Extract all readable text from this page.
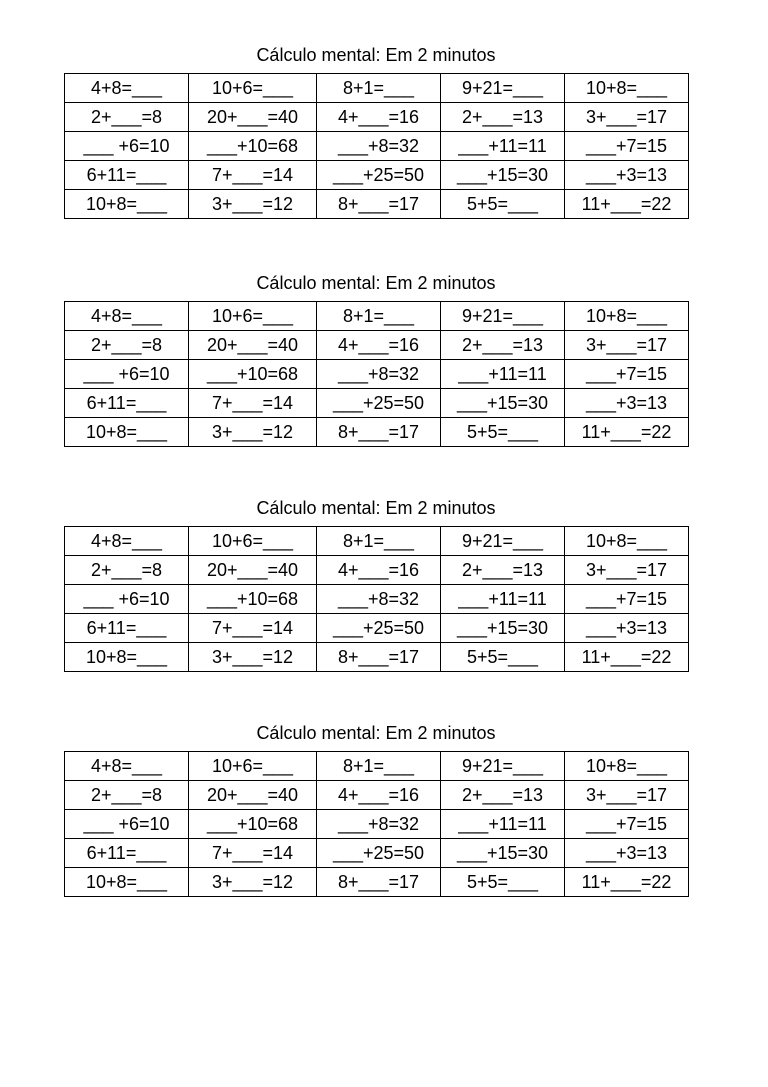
Cálculo mental: Em 2 minutos
4+8=___	10+6=___	8+1=___	9+21=___	10+8=___
2+___=8	20+___=40	4+___=16	2+___=13	3+___=17
___ +6=10	___+10=68	___+8=32	___+11=11	___+7=15
6+11=___	7+___=14	___+25=50	___+15=30	___+3=13
10+8=___	3+___=12	8+___=17	5+5=___	11+___=22
Cálculo mental: Em 2 minutos
4+8=___	10+6=___	8+1=___	9+21=___	10+8=___
2+___=8	20+___=40	4+___=16	2+___=13	3+___=17
___ +6=10	___+10=68	___+8=32	___+11=11	___+7=15
6+11=___	7+___=14	___+25=50	___+15=30	___+3=13
10+8=___	3+___=12	8+___=17	5+5=___	11+___=22
Cálculo mental: Em 2 minutos
4+8=___	10+6=___	8+1=___	9+21=___	10+8=___
2+___=8	20+___=40	4+___=16	2+___=13	3+___=17
___ +6=10	___+10=68	___+8=32	___+11=11	___+7=15
6+11=___	7+___=14	___+25=50	___+15=30	___+3=13
10+8=___	3+___=12	8+___=17	5+5=___	11+___=22
Cálculo mental: Em 2 minutos
4+8=___	10+6=___	8+1=___	9+21=___	10+8=___
2+___=8	20+___=40	4+___=16	2+___=13	3+___=17
___ +6=10	___+10=68	___+8=32	___+11=11	___+7=15
6+11=___	7+___=14	___+25=50	___+15=30	___+3=13
10+8=___	3+___=12	8+___=17	5+5=___	11+___=22
